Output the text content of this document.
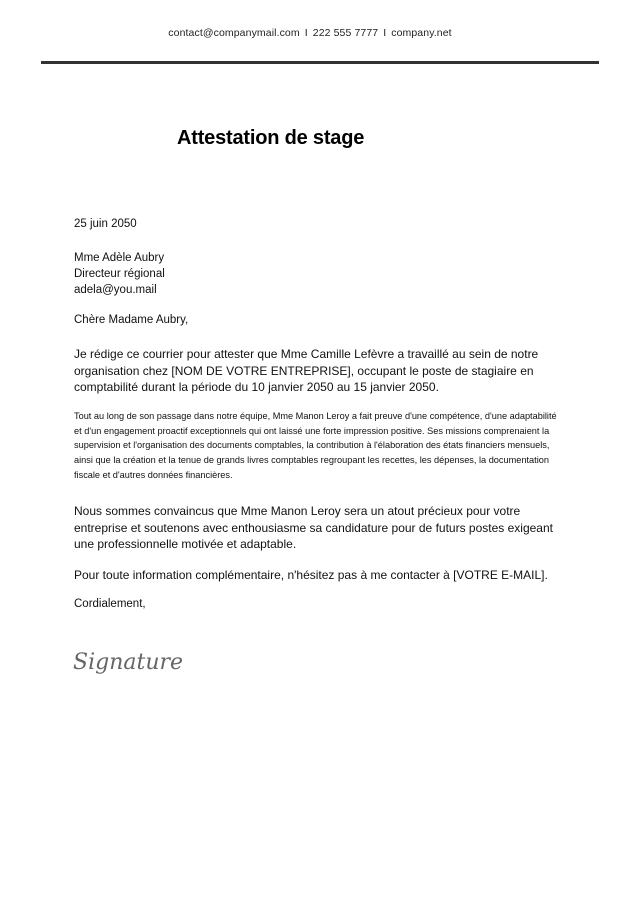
contact@companymail.com I 222 555 7777 I company.net
Attestation de stage
25 juin 2050
Mme Adèle Aubry
Directeur régional
adela@you.mail
Chère Madame Aubry,

Je rédige ce courrier pour attester que Mme Camille Lefèvre a travaillé au sein de notre organisation chez [NOM DE VOTRE ENTREPRISE], occupant le poste de stagiaire en comptabilité durant la période du 10 janvier 2050 au 15 janvier 2050.

Tout au long de son passage dans notre équipe, Mme Manon Leroy a fait preuve d'une compétence, d'une adaptabilité et d'un engagement proactif exceptionnels qui ont laissé une forte impression positive. Ses missions comprenaient la supervision et l'organisation des documents comptables, la contribution à l'élaboration des états financiers mensuels, ainsi que la création et la tenue de grands livres comptables regroupant les recettes, les dépenses, la documentation fiscale et d'autres données financières.

Nous sommes convaincus que Mme Manon Leroy sera un atout précieux pour votre entreprise et soutenons avec enthousiasme sa candidature pour de futurs postes exigeant une professionnelle motivée et adaptable.

Pour toute information complémentaire, n'hésitez pas à me contacter à [VOTRE E-MAIL].

Cordialement,
Signature
